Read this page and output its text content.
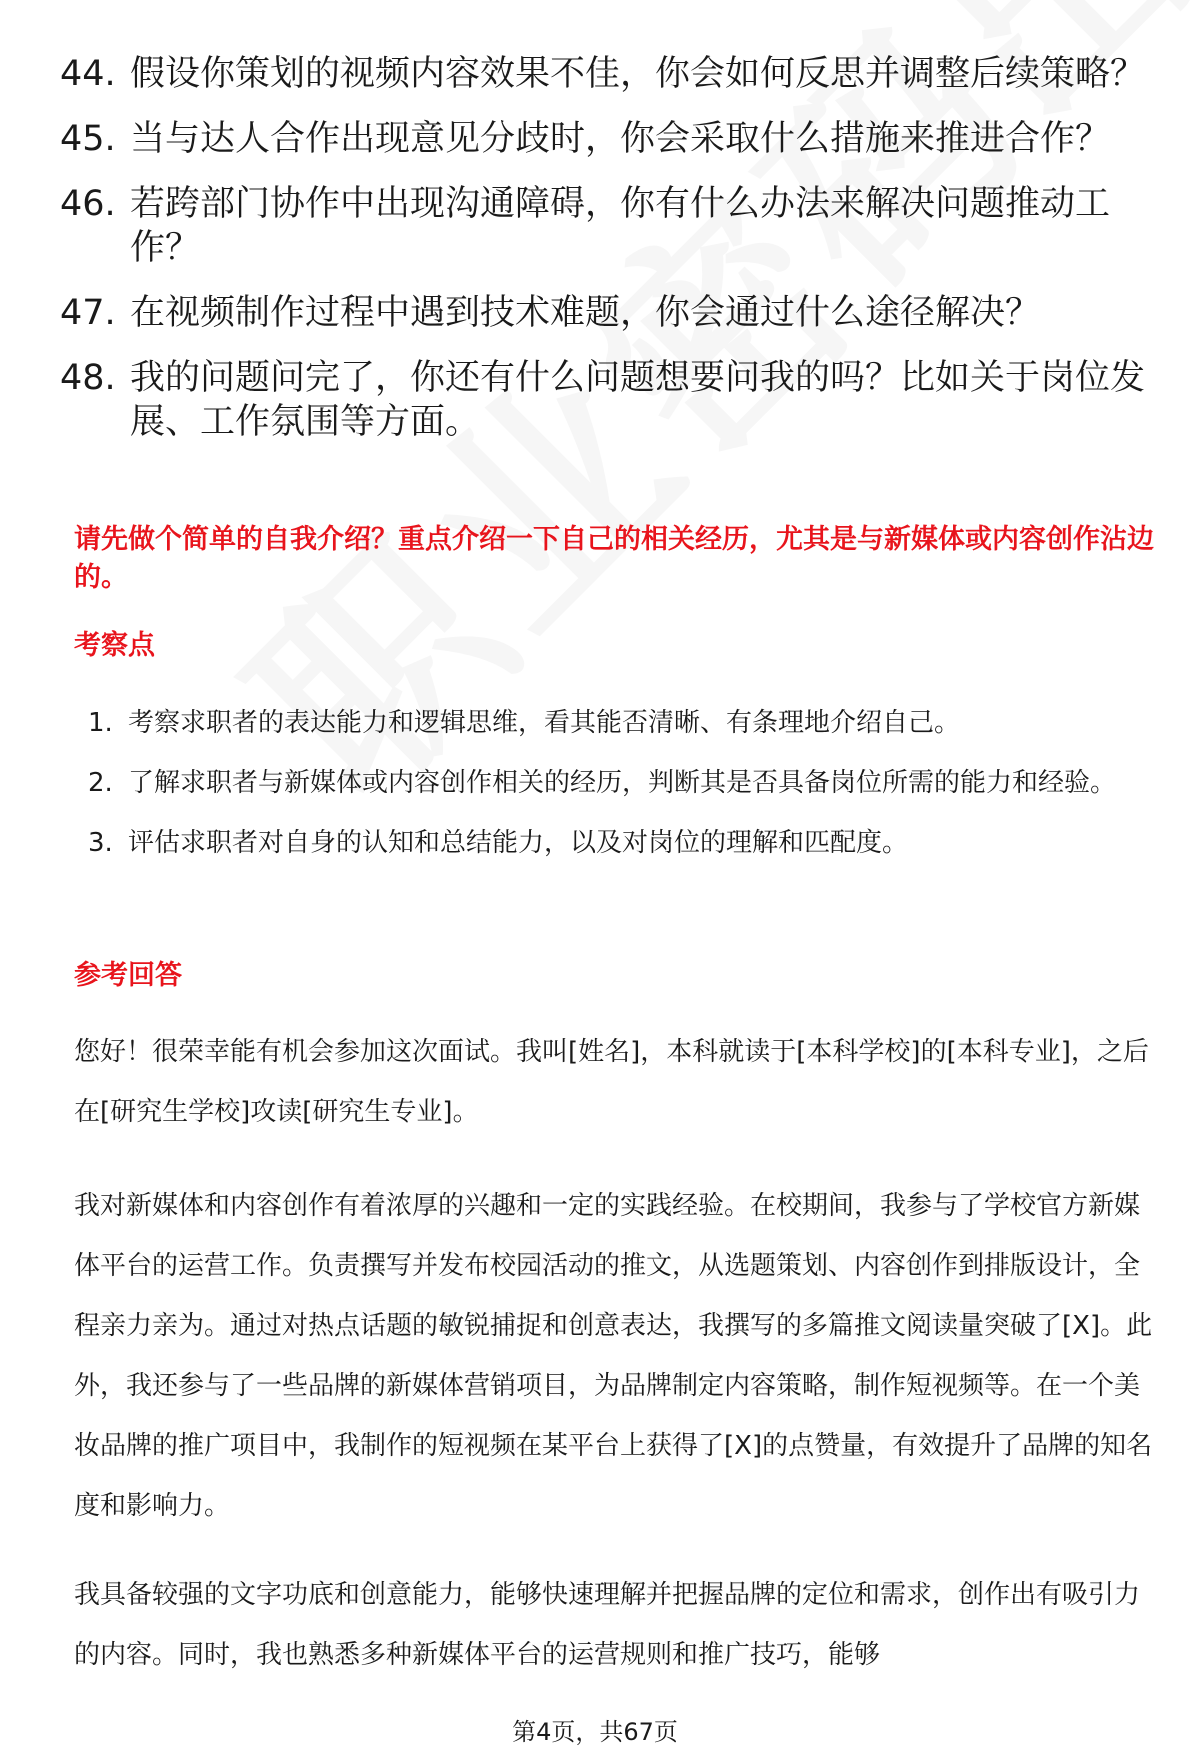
44. 假设你策划的视频内容效果不佳，你会如何反思并调整后续策略？
45. 当与达人合作出现意见分歧时，你会采取什么措施来推进合作？
46. 若跨部门协作中出现沟通障碍，你有什么办法来解决问题推动工作？
47. 在视频制作过程中遇到技术难题，你会通过什么途径解决？
48. 我的问题问完了，你还有什么问题想要问我的吗？比如关于岗位发展、工作氛围等方面。
请先做个简单的自我介绍？重点介绍一下自己的相关经历，尤其是与新媒体或内容创作沾边的。
考察点
1. 考察求职者的表达能力和逻辑思维，看其能否清晰、有条理地介绍自己。
2. 了解求职者与新媒体或内容创作相关的经历，判断其是否具备岗位所需的能力和经验。
3. 评估求职者对自身的认知和总结能力，以及对岗位的理解和匹配度。
参考回答
您好！很荣幸能有机会参加这次面试。我叫[姓名]，本科就读于[本科学校]的[本科专业]，之后在[研究生学校]攻读[研究生专业]。
我对新媒体和内容创作有着浓厚的兴趣和一定的实践经验。在校期间，我参与了学校官方新媒体平台的运营工作。负责撰写并发布校园活动的推文，从选题策划、内容创作到排版设计，全程亲力亲为。通过对热点话题的敏锐捕捉和创意表达，我撰写的多篇推文阅读量突破了[X]。此外，我还参与了一些品牌的新媒体营销项目，为品牌制定内容策略，制作短视频等。在一个美妆品牌的推广项目中，我制作的短视频在某平台上获得了[X]的点赞量，有效提升了品牌的知名度和影响力。
我具备较强的文字功底和创意能力，能够快速理解并把握品牌的定位和需求，创作出有吸引力的内容。同时，我也熟悉多种新媒体平台的运营规则和推广技巧，能够
第4页，共67页
